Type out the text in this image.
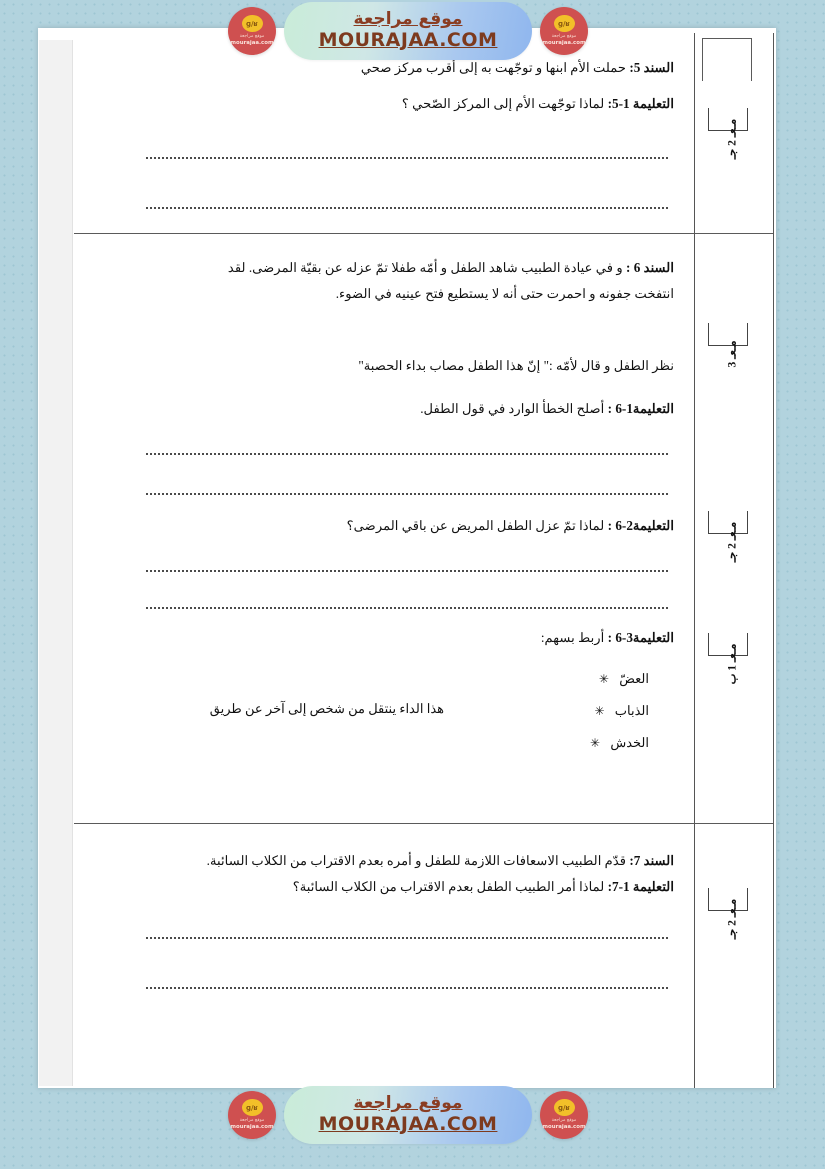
السند 5: حملت الأم ابنها و توجّهت به إلى أقرب مركز صحي

التعليمة 1-5: لماذا توجّهت الأم إلى المركز الصّحي ؟

السند 6 : و في عيادة الطبيب شاهد الطفل و أمّه طفلا تمّ عزله عن بقيّة المرضى. لقد

انتفخت جفونه و احمرت حتى أنه لا يستطيع فتح عينيه في الضوء.

نظر الطفل و قال لأمّه :" إنّ هذا الطفل مصاب بداء الحصبة"

التعليمة1-6 : أصلح الخطأ الوارد في قول الطفل.

التعليمة2-6 : لماذا تمّ عزل الطفل المريض عن باقي المرضى؟

التعليمة3-6 : أربط بسهم:

العضّ ✳
الذباب ✳
الخدش ✳
هذا الداء ينتقل من شخص إلى آخر عن طريق

السند 7: قدّم الطبيب الاسعافات اللازمة للطفل و أمره بعدم الاقتراب من الكلاب السائبة.

التعليمة 1-7: لماذا أمر الطبيب الطفل بعدم الاقتراب من الكلاب السائبة؟

مـعـ 2 جـ
مـعـ 3
مـعـ 2 جـ
مـعـ 1 ب
مـعـ 2 جـ
ɡ/ʁ
موقع مراجعة
mourajaa.com
موقع مراجعة
MOURAJAA.COM
ɡ/ʁ
موقع مراجعة
mourajaa.com
ɡ/ʁ
موقع مراجعة
mourajaa.com
موقع مراجعة
MOURAJAA.COM
ɡ/ʁ
موقع مراجعة
mourajaa.com
